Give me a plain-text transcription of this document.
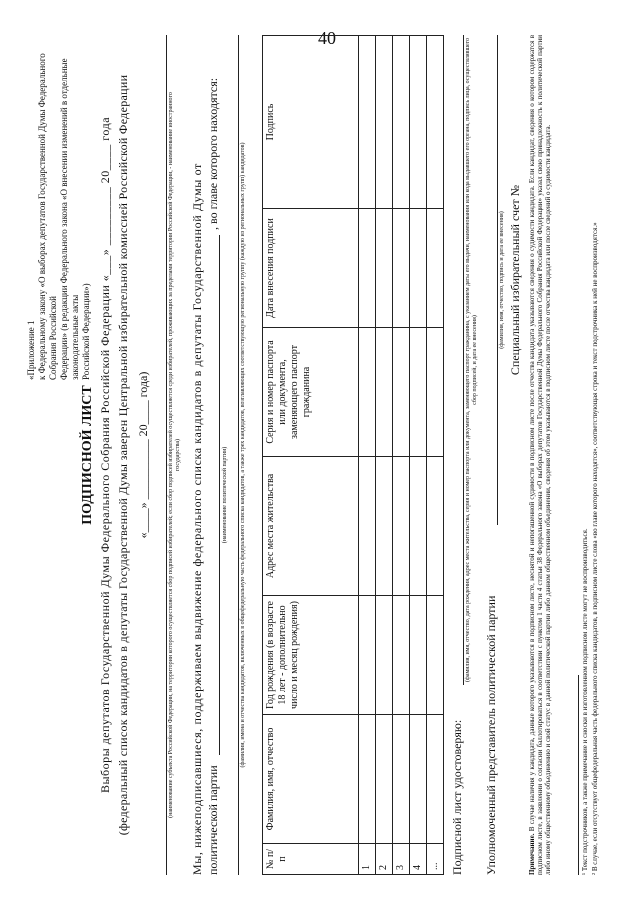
40
«Приложение 1 к Федеральному закону «О выборах депутатов Государственной Думы Федерального Собрания Российской Федерации» (в редакции Федерального закона «О внесении изменений в отдельные законодательные акты Российской Федерации»)
ПОДПИСНОЙ ЛИСТ Выборы депутатов Государственной Думы Федерального Собрания Российской Федерации «___» _________ 20____ года (федеральный список кандидатов в депутаты Государственной Думы заверен Центральной избирательной комиссией Российской Федерации «____» __________ 20____ года)	(наименование субъекта Российской Федерации, на территории которого осуществляется сбор подписей избирателей; если сбор подписей избирателей осуществляется среди избирателей, проживающих за пределами территории Российской Федерации, - наименование иностранного государства) Мы, нижеподписавшиеся, поддерживаем выдвижение федерального списка кандидатов в депутаты Государственной Думы от политической партии
, во главе которого находятся:
(наименование политической партии) (фамилии, имена и отчества кандидатов, включенных в общефедеральную часть федерального списка кандидатов, а также трех кандидатов, возглавляющих соответствующую региональную группу (каждую из региональных групп) кандидатов)
№ п/п	Фамилия, имя, отчество	Год рождения (в возрасте 18 лет - дополнительно число и месяц рождения)	Адрес места жительства	Серия и номер паспорта или документа, заменяющего паспорт гражданина	Дата внесения подписи	Подпись
1						
2						
3						
4						
...						Подписной лист удостоверяю:
(фамилия, имя, отчество, дата рождения, адрес места жительства, серия и номер паспорта или документа, заменяющего паспорт гражданина, с указанием даты его выдачи, наименования или кода выдавшего его органа, подпись лица, осуществлявшего сбор подписей, и дата ее внесения)
Уполномоченный представитель политической партии
(фамилия, имя, отчество, подпись и дата ее внесения) Специальный избирательный счет №
Примечание. В случае наличия у кандидата, данные которого указываются в подписном листе, неснятой и непогашенной судимости в подписном листе после отчества кандидата указываются сведения о судимости кандидата. Если кандидат, сведения о котором содержатся в подписном листе, в заявлении о согласии баллотироваться в соответствии с пунктом 1 части 4 статьи 38 Федерального закона «О выборах депутатов Государственной Думы Федерального Собрания Российской Федерации» указал свою принадлежность к политической партии либо иному общественному объединению и свой статус в данной политической партии либо данном общественном объединении, сведения об этом указываются в подписном листе после отчества кандидата или после сведений о судимости кандидата.	¹ Текст подстрочников, а также примечание и сноски в изготовленном подписном листе могут не воспроизводиться. ² В случае, если отсутствует общефедеральная часть федерального списка кандидатов, в подписном листе слова «во главе которого находятся», соответствующая строка и текст подстрочника к ней не воспроизводятся.»
